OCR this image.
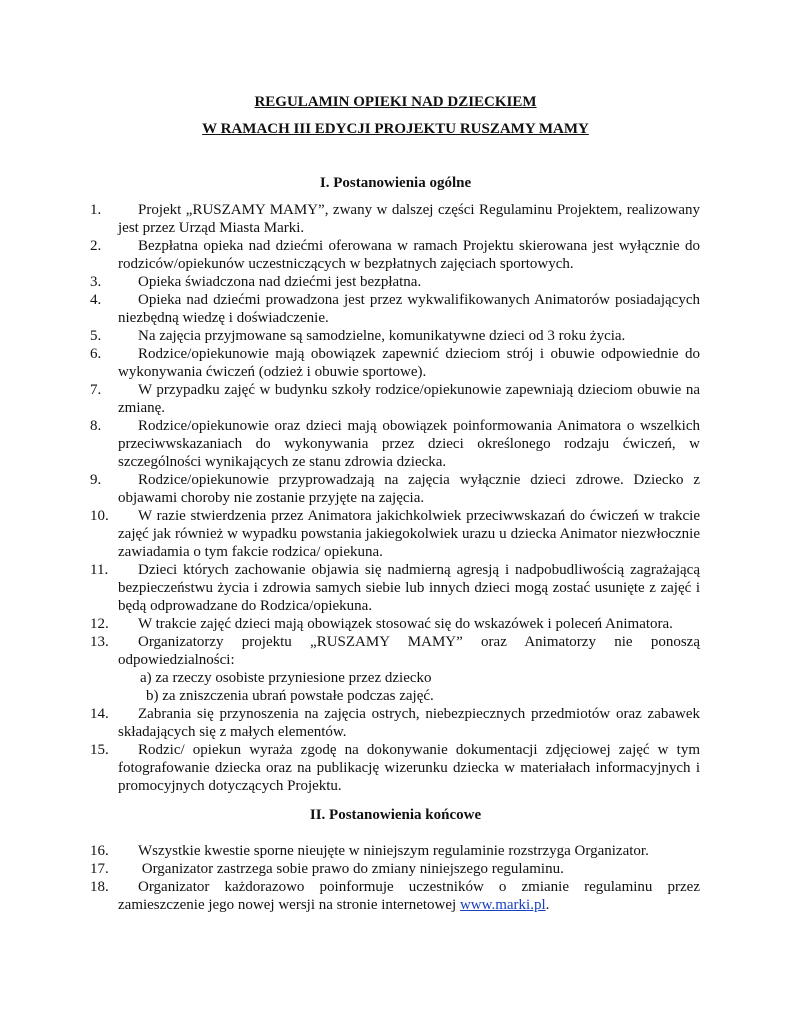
REGULAMIN OPIEKI NAD DZIECKIEM
W RAMACH III EDYCJI PROJEKTU RUSZAMY MAMY
I. Postanowienia ogólne
1.	Projekt „RUSZAMY MAMY”, zwany w dalszej części Regulaminu Projektem, realizowany jest przez Urząd Miasta Marki.
2.	Bezpłatna opieka nad dziećmi oferowana w ramach Projektu skierowana jest wyłącznie do rodziców/opiekunów uczestniczących w bezpłatnych zajęciach sportowych.
3.	Opieka świadczona nad dziećmi jest bezpłatna.
4.	Opieka nad dziećmi prowadzona jest przez wykwalifikowanych Animatorów posiadających niezbędną wiedzę i doświadczenie.
5.	Na zajęcia przyjmowane są samodzielne, komunikatywne dzieci od 3 roku życia.
6.	Rodzice/opiekunowie mają obowiązek zapewnić dzieciom strój i obuwie odpowiednie do wykonywania ćwiczeń (odzież i obuwie sportowe).
7.	W przypadku zajęć w budynku szkoły rodzice/opiekunowie zapewniają dzieciom obuwie na zmianę.
8.	Rodzice/opiekunowie oraz dzieci mają obowiązek poinformowania Animatora o wszelkich przeciwwskazaniach do wykonywania przez dzieci określonego rodzaju ćwiczeń, w szczególności wynikających ze stanu zdrowia dziecka.
9.	Rodzice/opiekunowie przyprowadzają na zajęcia wyłącznie dzieci zdrowe. Dziecko z objawami choroby nie zostanie przyjęte na zajęcia.
10.	W razie stwierdzenia przez Animatora jakichkolwiek przeciwwskazań do ćwiczeń w trakcie zajęć jak również w wypadku powstania jakiegokolwiek urazu u dziecka Animator niezwłocznie zawiadamia o tym fakcie rodzica/ opiekuna.
11.	Dzieci których zachowanie objawia się nadmierną agresją i nadpobudliwością zagrażającą bezpieczeństwu życia i zdrowia samych siebie lub innych dzieci mogą zostać usunięte z zajęć i będą odprowadzane do Rodzica/opiekuna.
12.	W trakcie zajęć dzieci mają obowiązek stosować się do wskazówek i poleceń Animatora.
13.	Organizatorzy projektu „RUSZAMY MAMY” oraz Animatorzy nie ponoszą odpowiedzialności:
a) za rzeczy osobiste przyniesione przez dziecko
b) za zniszczenia ubrań powstałe podczas zajęć.
14.	Zabrania się przynoszenia na zajęcia ostrych, niebezpiecznych przedmiotów oraz zabawek składających się z małych elementów.
15.	Rodzic/ opiekun wyraża zgodę na dokonywanie dokumentacji zdjęciowej zajęć w tym fotografowanie dziecka oraz na publikację wizerunku dziecka w materiałach informacyjnych i promocyjnych dotyczących Projektu.
II. Postanowienia końcowe
16.	Wszystkie kwestie sporne nieujęte w niniejszym regulaminie rozstrzyga Organizator.
17.	Organizator zastrzega sobie prawo do zmiany niniejszego regulaminu.
18.	Organizator każdorazowo poinformuje uczestników o zmianie regulaminu przez zamieszczenie jego nowej wersji na stronie internetowej www.marki.pl.
